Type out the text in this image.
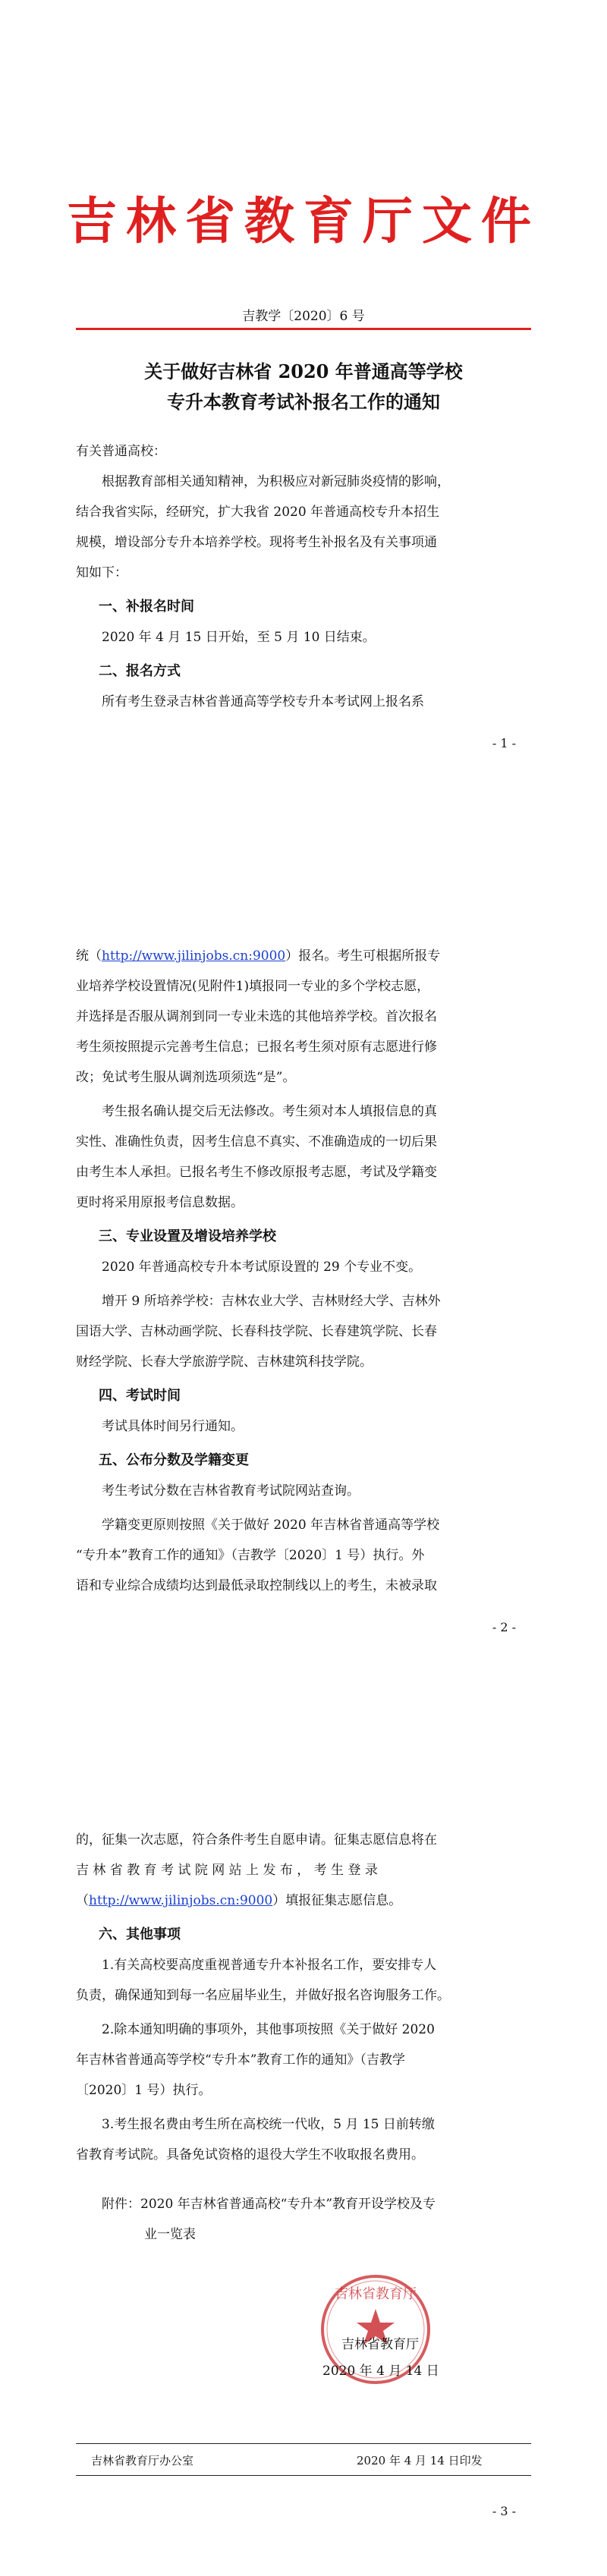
吉林省教育厅文件
吉教学〔2020〕6 号
关于做好吉林省 2020 年普通高等学校
专升本教育考试补报名工作的通知
有关普通高校：
根据教育部相关通知精神，为积极应对新冠肺炎疫情的影响，
结合我省实际，经研究，扩大我省 2020 年普通高校专升本招生
规模，增设部分专升本培养学校。现将考生补报名及有关事项通
知如下：
一、补报名时间
2020 年 4 月 15 日开始，至 5 月 10 日结束。
二、报名方式
所有考生登录吉林省普通高等学校专升本考试网上报名系
- 1 -
统（http://www.jilinjobs.cn:9000）报名。考生可根据所报专
业培养学校设置情况(见附件1)填报同一专业的多个学校志愿，
并选择是否服从调剂到同一专业未选的其他培养学校。首次报名
考生须按照提示完善考生信息；已报名考生须对原有志愿进行修
改；免试考生服从调剂选项须选“是”。
考生报名确认提交后无法修改。考生须对本人填报信息的真
实性、准确性负责，因考生信息不真实、不准确造成的一切后果
由考生本人承担。已报名考生不修改原报考志愿，考试及学籍变
更时将采用原报考信息数据。
三、专业设置及增设培养学校
2020 年普通高校专升本考试原设置的 29 个专业不变。
增开 9 所培养学校：吉林农业大学、吉林财经大学、吉林外
国语大学、吉林动画学院、长春科技学院、长春建筑学院、长春
财经学院、长春大学旅游学院、吉林建筑科技学院。
四、考试时间
考试具体时间另行通知。
五、公布分数及学籍变更
考生考试分数在吉林省教育考试院网站查询。
学籍变更原则按照《关于做好 2020 年吉林省普通高等学校
“专升本”教育工作的通知》（吉教学〔2020〕1 号）执行。外
语和专业综合成绩均达到最低录取控制线以上的考生，未被录取
- 2 -
的，征集一次志愿，符合条件考生自愿申请。征集志愿信息将在
吉 林 省 教 育 考 试 院 网 站 上 发 布 ， 考 生 登 录
（http://www.jilinjobs.cn:9000）填报征集志愿信息。
六、其他事项
1.有关高校要高度重视普通专升本补报名工作，要安排专人
负责，确保通知到每一名应届毕业生，并做好报名咨询服务工作。
2.除本通知明确的事项外，其他事项按照《关于做好 2020
年吉林省普通高等学校“专升本”教育工作的通知》（吉教学
〔2020〕1 号）执行。
3.考生报名费由考生所在高校统一代收，5 月 15 日前转缴
省教育考试院。具备免试资格的退役大学生不收取报名费用。
附件：2020 年吉林省普通高校“专升本”教育开设学校及专
业一览表
吉林省教育厅
吉林省教育厅
2020 年 4 月 14 日
吉林省教育厅办公室	2020 年 4 月 14 日印发
- 3 -
